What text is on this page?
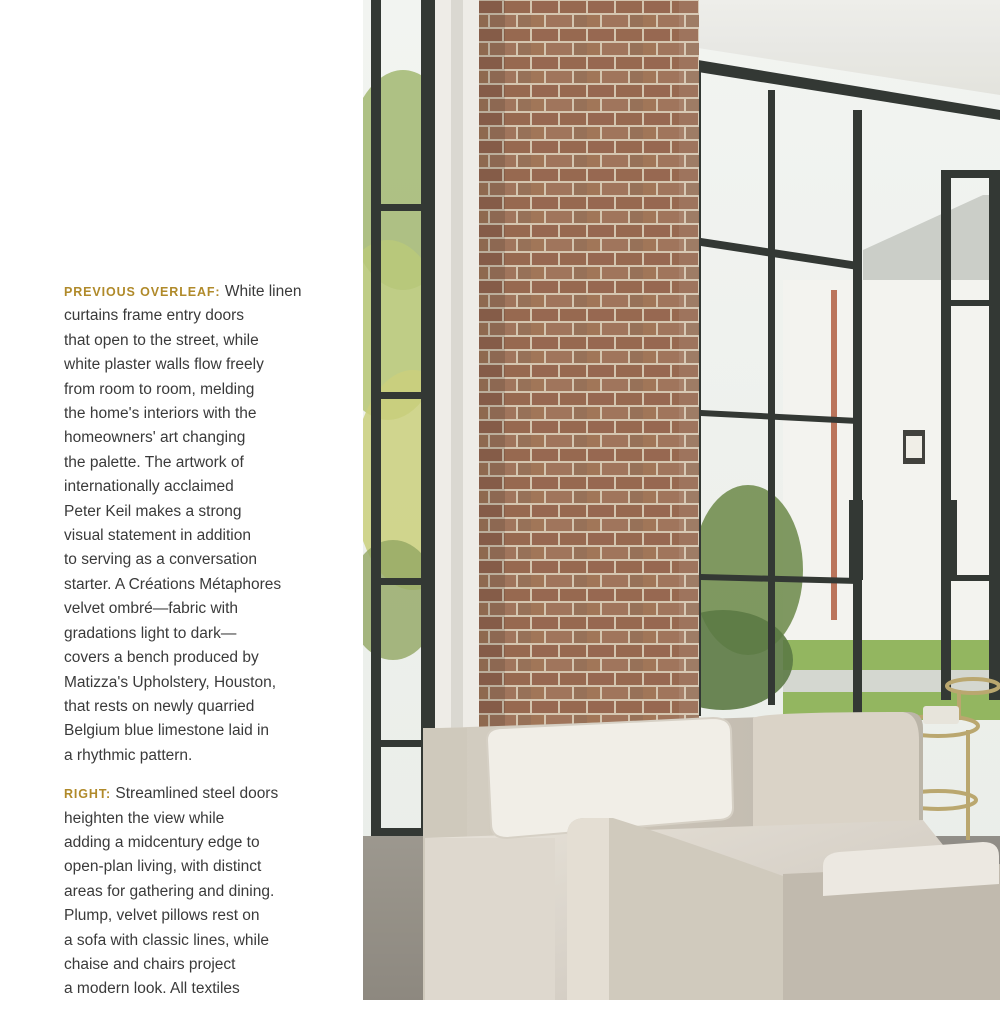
PREVIOUS OVERLEAF: White linen
curtains frame entry doors
that open to the street, while
white plaster walls flow freely
from room to room, melding
the home's interiors with the
homeowners' art changing
the palette. The artwork of
internationally acclaimed
Peter Keil makes a strong
visual statement in addition
to serving as a conversation
starter. A Créations Métaphores
velvet ombré—fabric with
gradations light to dark—
covers a bench produced by
Matizza's Upholstery, Houston,
that rests on newly quarried
Belgium blue limestone laid in
a rhythmic pattern.

RIGHT: Streamlined steel doors
heighten the view while
adding a midcentury edge to
open-plan living, with distinct
areas for gathering and dining.
Plump, velvet pillows rest on
a sofa with classic lines, while
chaise and chairs project
a modern look. All textiles
